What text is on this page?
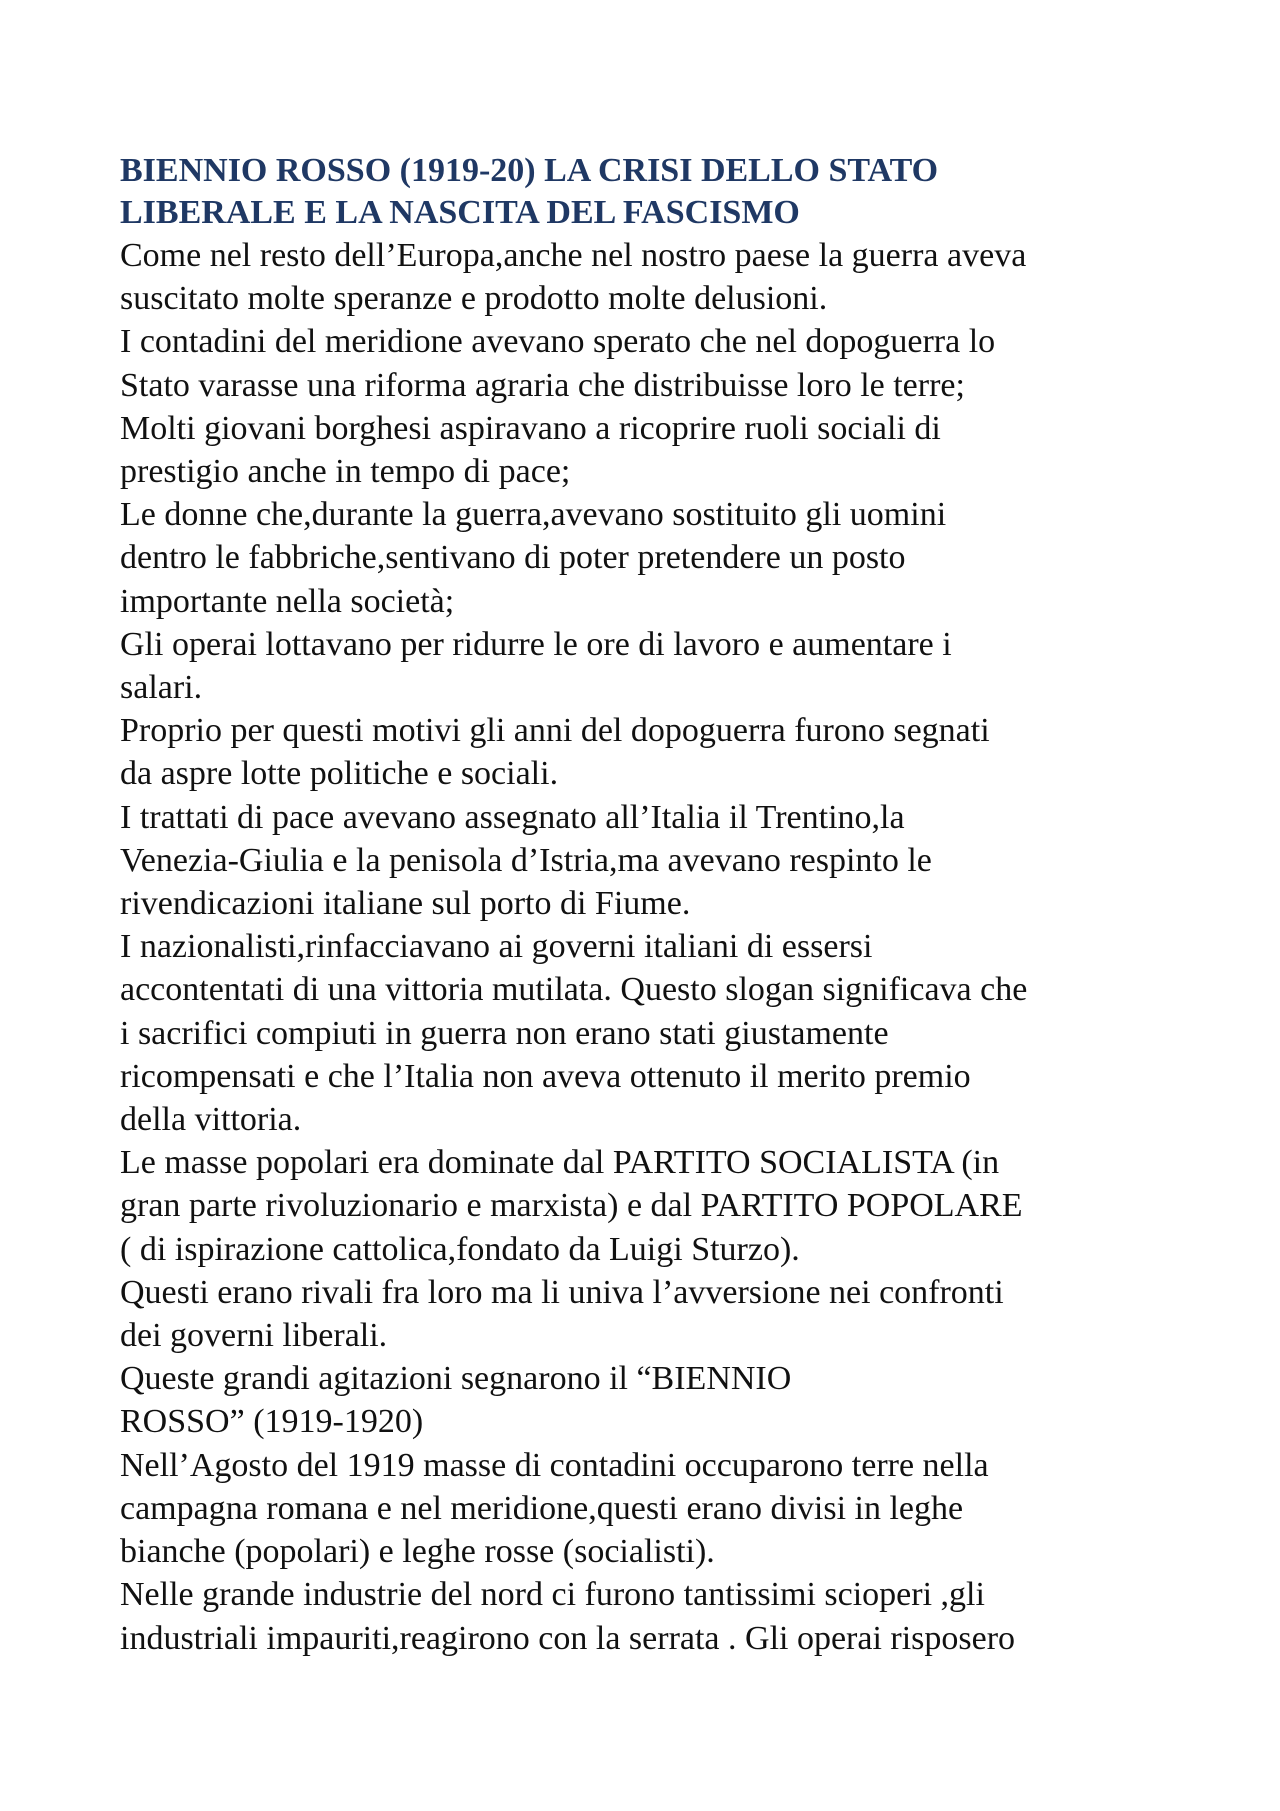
BIENNIO ROSSO (1919-20) LA CRISI DELLO STATO
LIBERALE E LA NASCITA DEL FASCISMO
Come nel resto dell’Europa,anche nel nostro paese la guerra aveva
suscitato molte speranze e prodotto molte delusioni.
I contadini del meridione avevano sperato che nel dopoguerra lo
Stato varasse una riforma agraria che distribuisse loro le terre;
Molti giovani borghesi aspiravano a ricoprire ruoli sociali di
prestigio anche in tempo di pace;
Le donne che,durante la guerra,avevano sostituito gli uomini
dentro le fabbriche,sentivano di poter pretendere un posto
importante nella società;
Gli operai lottavano per ridurre le ore di lavoro e aumentare i
salari.
Proprio per questi motivi gli anni del dopoguerra furono segnati
da aspre lotte politiche e sociali.
I trattati di pace avevano assegnato all’Italia il Trentino,la
Venezia-Giulia e la penisola d’Istria,ma avevano respinto le
rivendicazioni italiane sul porto di Fiume.
I nazionalisti,rinfacciavano ai governi italiani di essersi
accontentati di una vittoria mutilata. Questo slogan significava che
i sacrifici compiuti in guerra non erano stati giustamente
ricompensati e che l’Italia non aveva ottenuto il merito premio
della vittoria.
Le masse popolari era dominate dal PARTITO SOCIALISTA (in
gran parte rivoluzionario e marxista) e dal PARTITO POPOLARE
( di ispirazione cattolica,fondato da Luigi Sturzo).
Questi erano rivali fra loro ma li univa l’avversione nei confronti
dei governi liberali.
Queste grandi agitazioni segnarono il “BIENNIO
ROSSO” (1919-1920)
Nell’Agosto del 1919 masse di contadini occuparono terre nella
campagna romana e nel meridione,questi erano divisi in leghe
bianche (popolari) e leghe rosse (socialisti).
Nelle grande industrie del nord ci furono tantissimi scioperi ,gli
industriali impauriti,reagirono con la serrata . Gli operai risposero
